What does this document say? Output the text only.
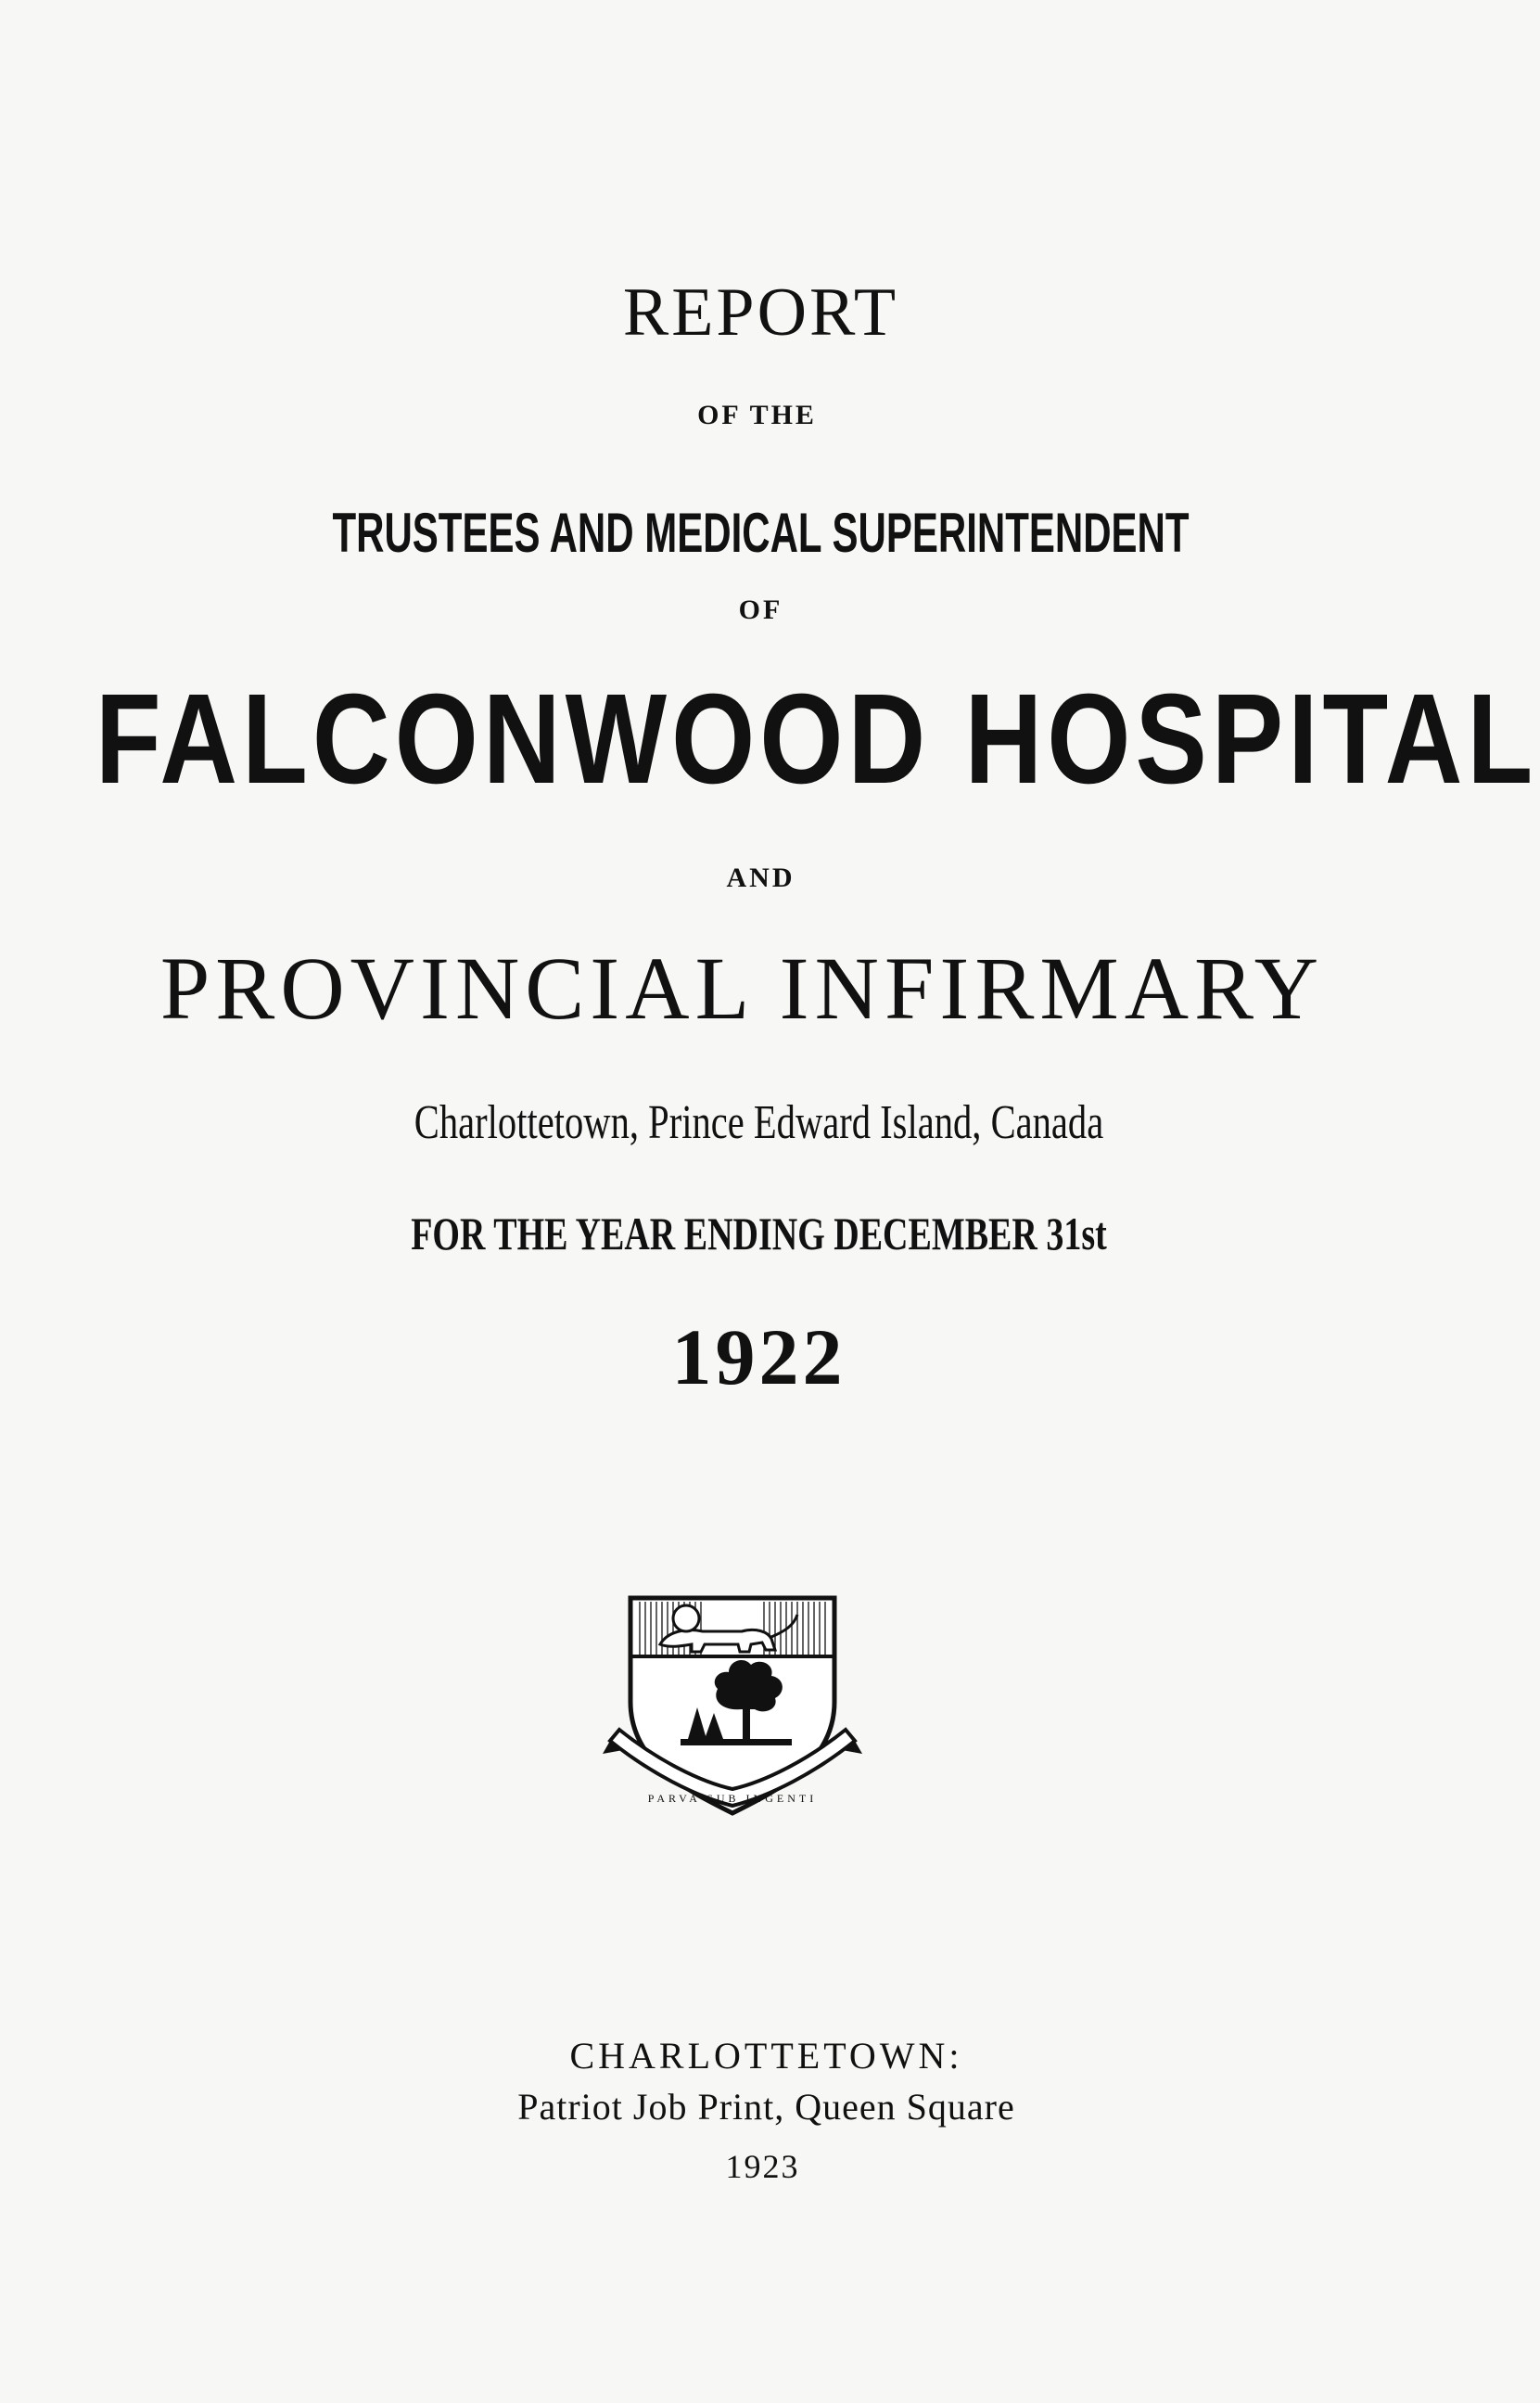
REPORT
OF THE
TRUSTEES AND MEDICAL SUPERINTENDENT
OF
FALCONWOOD HOSPITAL
AND
PROVINCIAL INFIRMARY
Charlottetown, Prince Edward Island, Canada
FOR THE YEAR ENDING DECEMBER 31st
1922
PARVA SUB INGENTI
CHARLOTTETOWN:
Patriot Job Print, Queen Square
1923
